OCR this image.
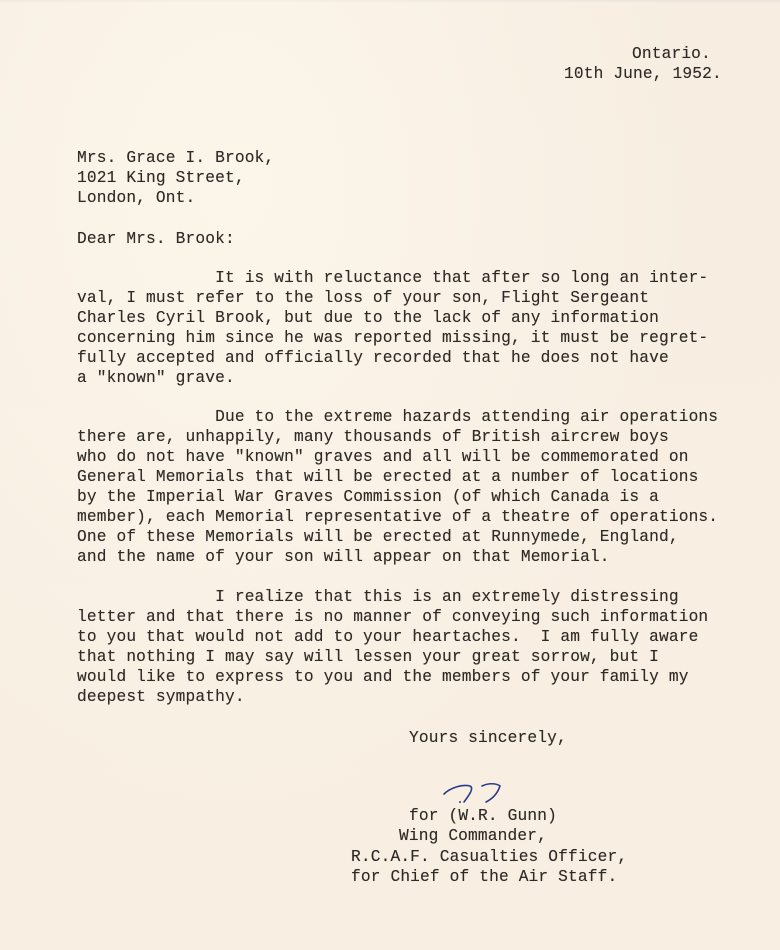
Ontario.
10th June, 1952.
Mrs. Grace I. Brook,
1021 King Street,
London, Ont.
Dear Mrs. Brook:
It is with reluctance that after so long an inter-
val, I must refer to the loss of your son, Flight Sergeant
Charles Cyril Brook, but due to the lack of any information
concerning him since he was reported missing, it must be regret-
fully accepted and officially recorded that he does not have
a "known" grave.
Due to the extreme hazards attending air operations
there are, unhappily, many thousands of British aircrew boys
who do not have "known" graves and all will be commemorated on
General Memorials that will be erected at a number of locations
by the Imperial War Graves Commission (of which Canada is a
member), each Memorial representative of a theatre of operations.
One of these Memorials will be erected at Runnymede, England,
and the name of your son will appear on that Memorial.
I realize that this is an extremely distressing
letter and that there is no manner of conveying such information
to you that would not add to your heartaches.  I am fully aware
that nothing I may say will lessen your great sorrow, but I
would like to express to you and the members of your family my
deepest sympathy.
Yours sincerely,
for (W.R. Gunn)
Wing Commander,
R.C.A.F. Casualties Officer,
for Chief of the Air Staff.
